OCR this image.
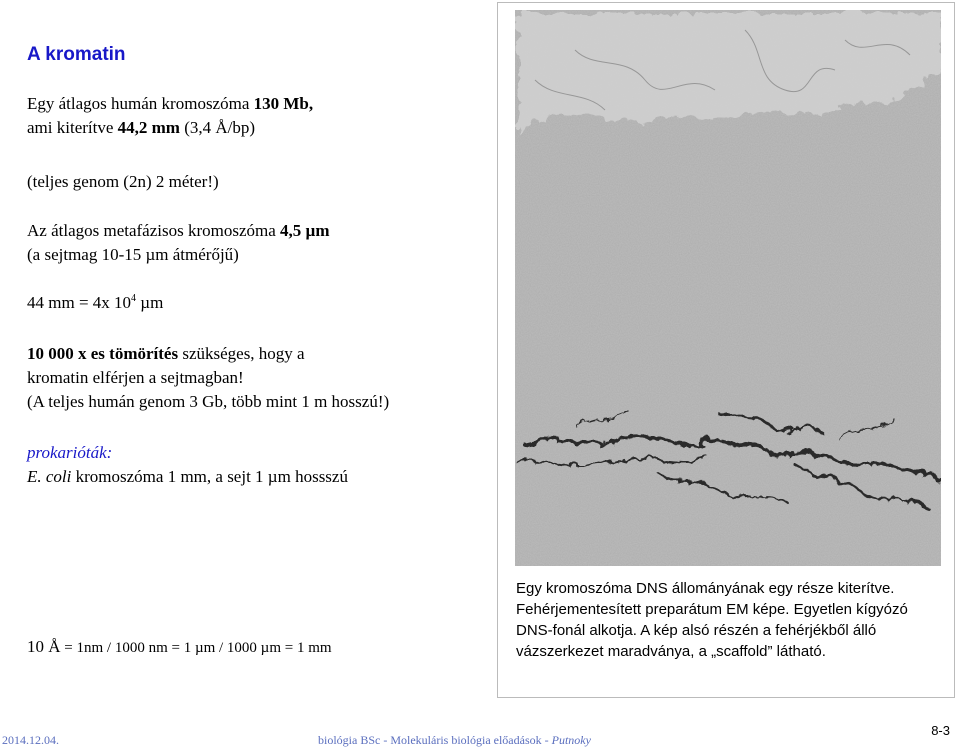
A kromatin
Egy átlagos humán kromoszóma 130 Mb,
ami kiterítve 44,2 mm (3,4 Å/bp)
(teljes genom (2n) 2 méter!)
Az átlagos metafázisos kromoszóma 4,5 µm
(a sejtmag 10-15 µm átmérőjű)
44 mm = 4x $10^4$ µm
10 000 x es tömörítés szükséges, hogy a
kromatin elférjen a sejtmagban!
(A teljes humán genom 3 Gb, több mint 1 m hosszú!)
prokarióták:
E. coli kromoszóma 1 mm, a sejt 1 µm hossszú
Egy kromoszóma DNS állományának egy része kiterítve.
Fehérjementesített preparátum EM képe. Egyetlen kígyózó
DNS-fonál alkotja. A kép alsó részén a fehérjékből álló
vázszerkezet maradványa, a „scaffold” látható.
10 Å = 1nm / 1000 nm = 1 µm / 1000 µm = 1 mm
2014.12.04.	biológia BSc - Molekuláris biológia előadások - Putnoky
8-3
